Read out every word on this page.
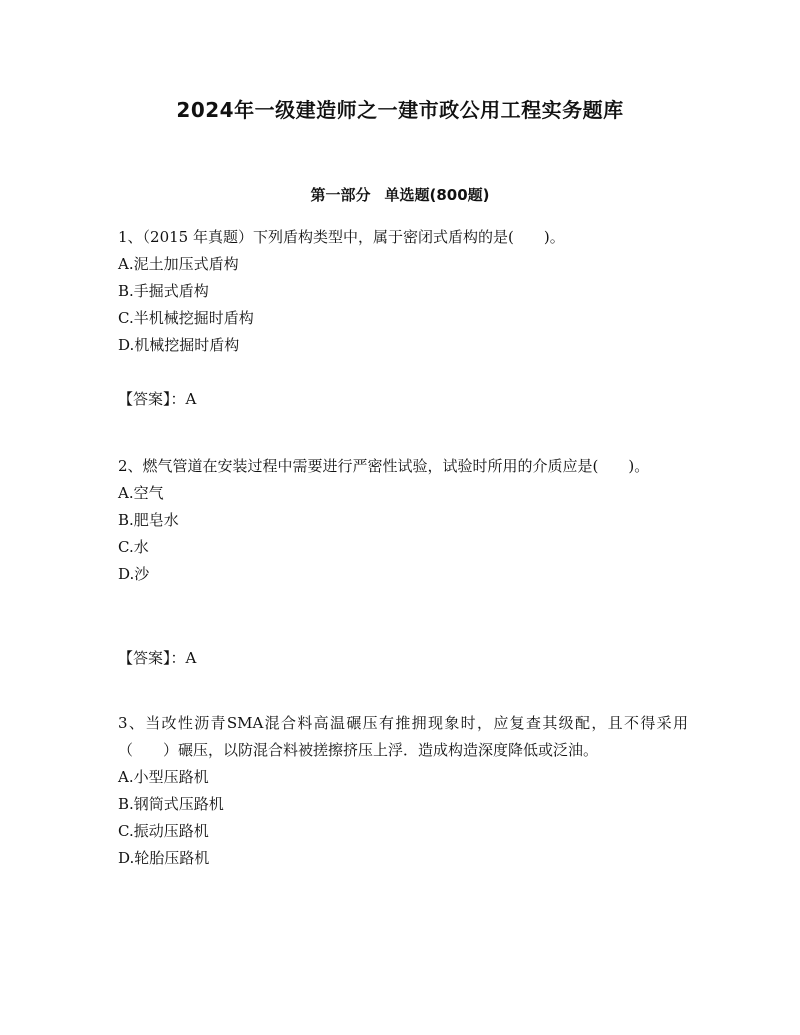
2024年一级建造师之一建市政公用工程实务题库
第一部分 单选题(800题)

1、（2015 年真题）下列盾构类型中，属于密闭式盾构的是(　　)。

A.泥土加压式盾构
B.手掘式盾构
C.半机械挖掘时盾构
D.机械挖掘时盾构
【答案】：A

2、燃气管道在安装过程中需要进行严密性试验，试验时所用的介质应是(　　)。

A.空气
B.肥皂水
C.水
D.沙
【答案】：A

3、当改性沥青SMA混合料高温碾压有推拥现象时，应复查其级配，且不得采用（　　）碾压，以防混合料被搓擦挤压上浮．造成构造深度降低或泛油。

A.小型压路机
B.钢筒式压路机
C.振动压路机
D.轮胎压路机
